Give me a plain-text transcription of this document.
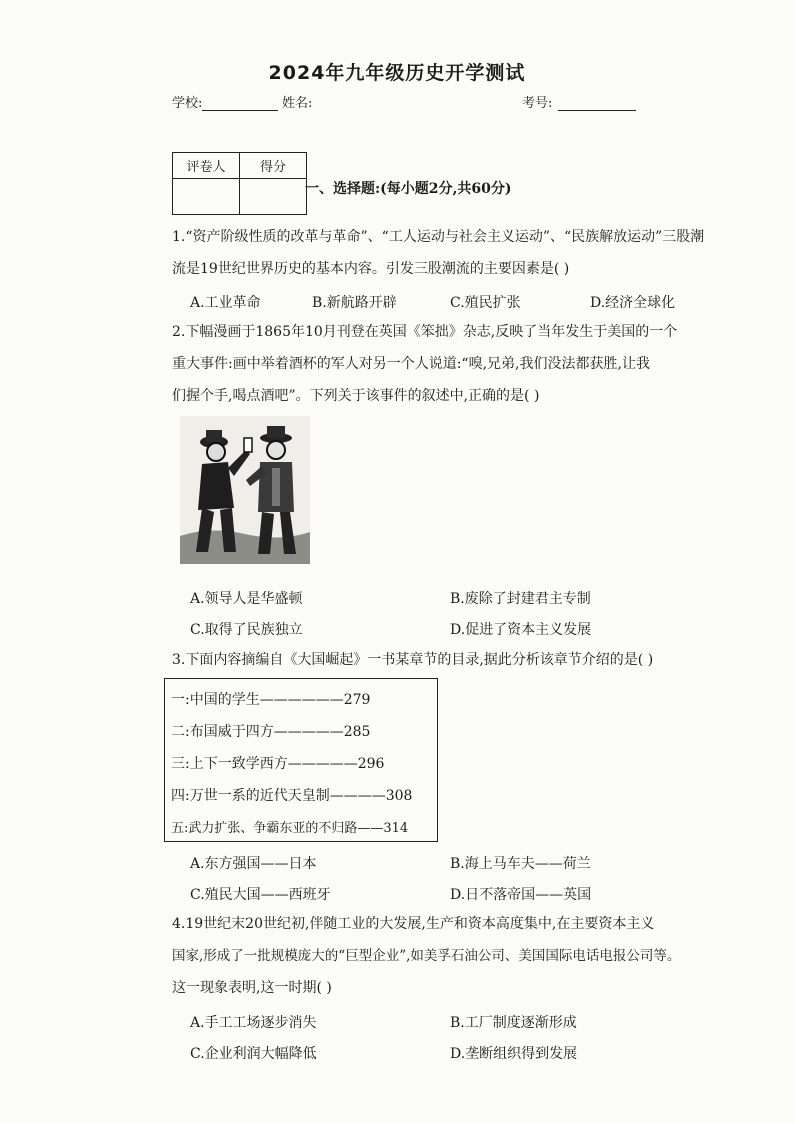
2024年九年级历史开学测试
学校:	姓名:	考号:
评卷人	得分

一、选择题:(每小题2分,共60分)
1.“资产阶级性质的改革与革命”、“工人运动与社会主义运动”、“民族解放运动”三股潮
流是19世纪世界历史的基本内容。引发三股潮流的主要因素是( )
A.工业革命	B.新航路开辟	C.殖民扩张	D.经济全球化
2.下幅漫画于1865年10月刊登在英国《笨拙》杂志,反映了当年发生于美国的一个
重大事件:画中举着酒杯的军人对另一个人说道:“嗅,兄弟,我们没法都获胜,让我
们握个手,喝点酒吧”。下列关于该事件的叙述中,正确的是( )
A.领导人是华盛顿	B.废除了封建君主专制
C.取得了民族独立	D.促进了资本主义发展
3.下面内容摘编自《大国崛起》一书某章节的目录,据此分析该章节介绍的是( )
一:中国的学生——————279
二:布国威于四方—————285
三:上下一致学西方—————296
四:万世一系的近代天皇制————308
五:武力扩张、争霸东亚的不归路——314
A.东方强国——日本	B.海上马车夫——荷兰
C.殖民大国——西班牙	D.日不落帝国——英国
4.19世纪末20世纪初,伴随工业的大发展,生产和资本高度集中,在主要资本主义
国家,形成了一批规模庞大的“巨型企业”,如美孚石油公司、美国国际电话电报公司等。
这一现象表明,这一时期( )
A.手工工场逐步消失	B.工厂制度逐渐形成
C.企业利润大幅降低	D.垄断组织得到发展
